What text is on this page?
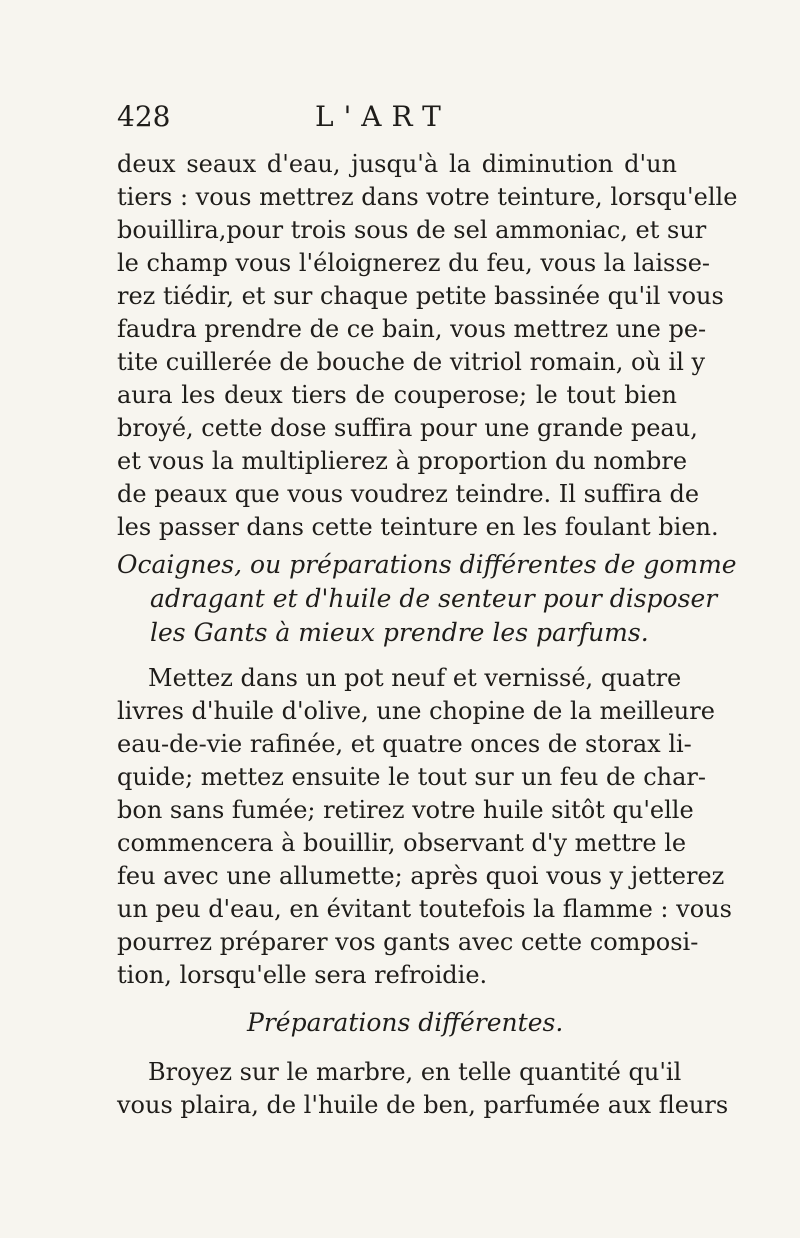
428	L'ART
deux seaux d'eau, jusqu'à la diminution d'un
tiers : vous mettrez dans votre teinture, lorsqu'elle
bouillira,pour trois sous de sel ammoniac, et sur
le champ vous l'éloignerez du feu, vous la laisse-
rez tiédir, et sur chaque petite bassinée qu'il vous
faudra prendre de ce bain, vous mettrez une pe-
tite cuillerée de bouche de vitriol romain, où il y
aura les deux tiers de couperose; le tout bien
broyé, cette dose suffira pour une grande peau,
et vous la multiplierez à proportion du nombre
de peaux que vous voudrez teindre. Il suffira de
les passer dans cette teinture en les foulant bien.
Ocaignes, ou préparations différentes de gomme
adragant et d'huile de senteur pour disposer
les Gants à mieux prendre les parfums.
Mettez dans un pot neuf et vernissé, quatre
livres d'huile d'olive, une chopine de la meilleure
eau-de-vie rafinée, et quatre onces de storax li-
quide; mettez ensuite le tout sur un feu de char-
bon sans fumée; retirez votre huile sitôt qu'elle
commencera à bouillir, observant d'y mettre le
feu avec une allumette; après quoi vous y jetterez
un peu d'eau, en évitant toutefois la flamme : vous
pourrez préparer vos gants avec cette composi-
tion, lorsqu'elle sera refroidie.
Préparations différentes.
Broyez sur le marbre, en telle quantité qu'il
vous plaira, de l'huile de ben, parfumée aux fleurs
